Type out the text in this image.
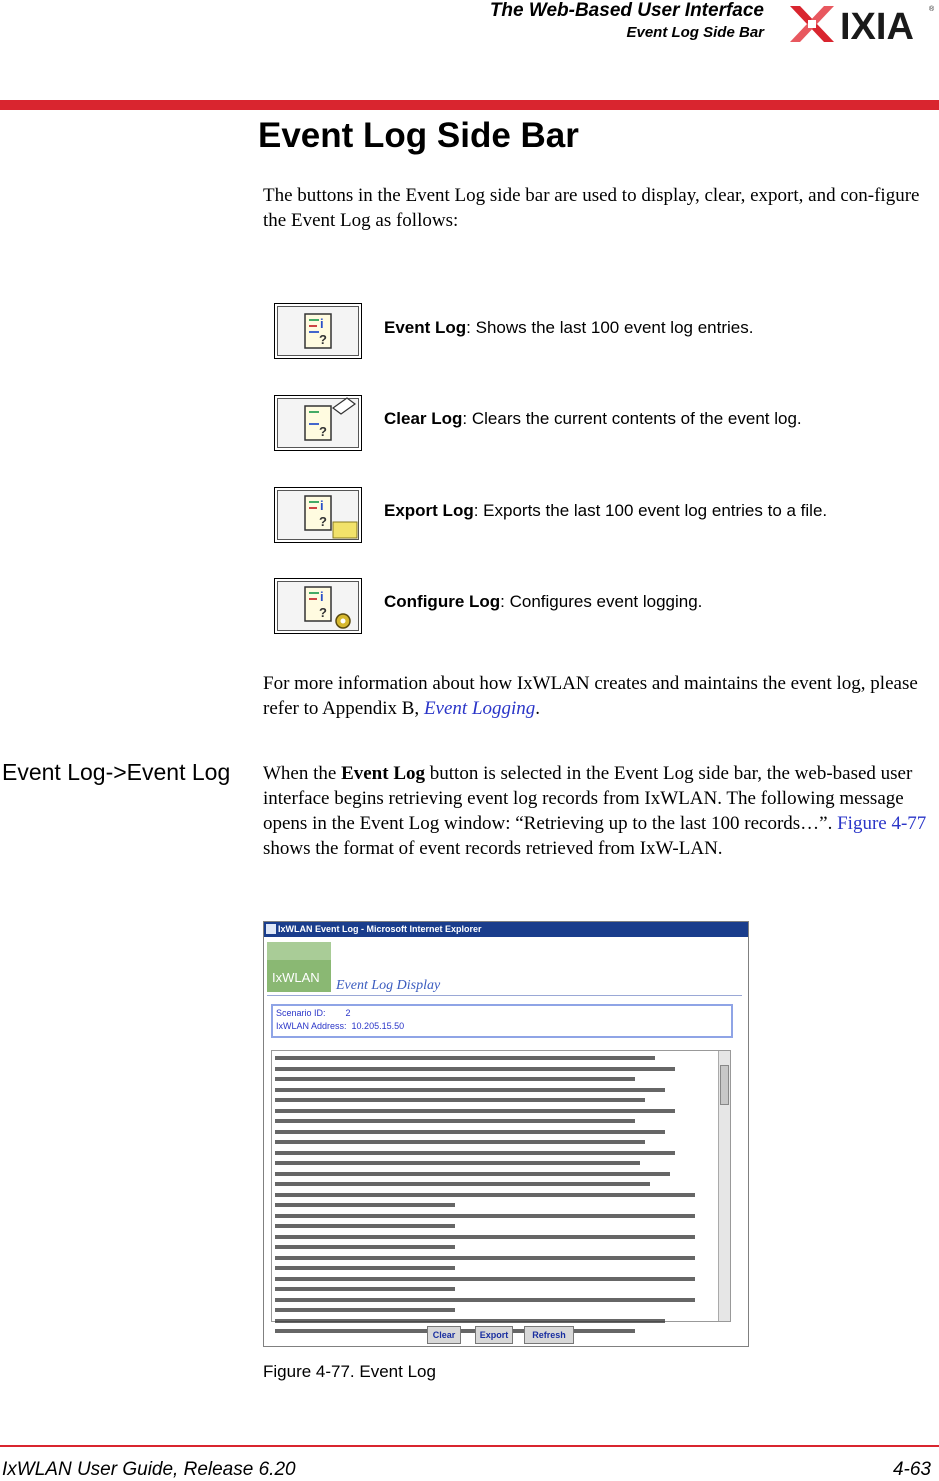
The Web-Based User Interface
Event Log Side Bar IXIA ®
Event Log Side Bar

The buttons in the Event Log side bar are used to display, clear, export, and con-figure the Event Log as follows:

i
?
Event Log: Shows the last 100 event log entries.
?
Clear Log: Clears the current contents of the event log.
i
?
Export Log: Exports the last 100 event log entries to a file.
i
?
Configure Log: Configures event logging.

For more information about how IxWLAN creates and maintains the event log, please refer to Appendix B, Event Logging.

Event Log->Event Log	When the Event Log button is selected in the Event Log side bar, the web-based user interface begins retrieving event log records from IxWLAN. The following message opens in the Event Log window: “Retrieving up to the last 100 records…”. Figure 4-77 shows the format of event records retrieved from IxW-LAN.

IxWLAN Event Log - Microsoft Internet Explorer
IxWLAN
Event Log Display
Scenario ID: 2
IxWLAN Address: 10.205.15.50
Clear	Export	Refresh
Figure 4-77. Event Log
IxWLAN User Guide, Release 6.20	4-63
